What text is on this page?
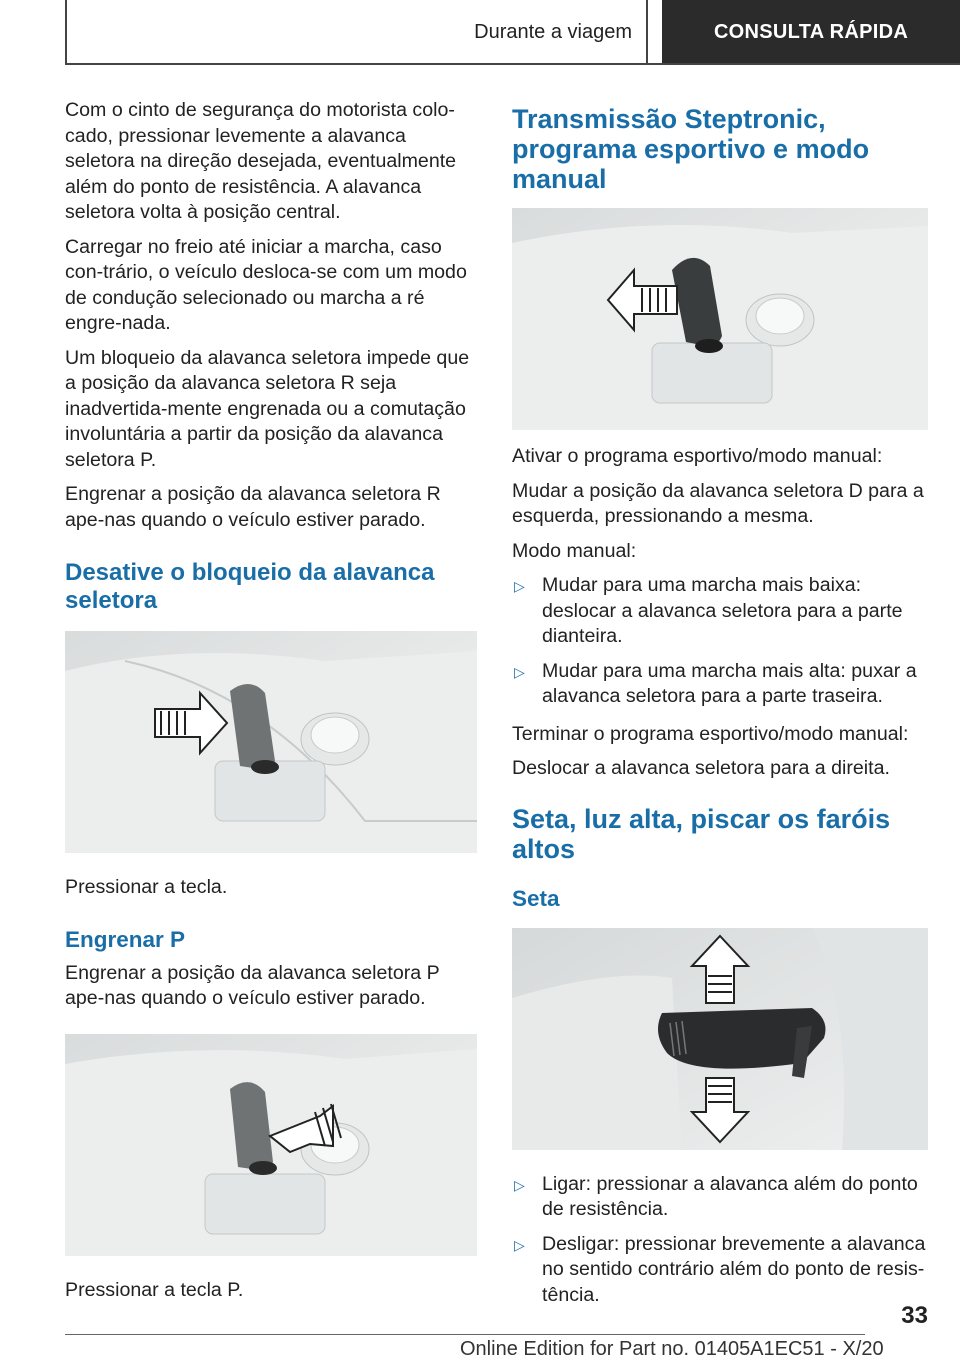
Durante a viagem	CONSULTA RÁPIDA

Com o cinto de segurança do motorista colo-cado, pressionar levemente a alavanca seletora na direção desejada, eventualmente além do ponto de resistência. A alavanca seletora volta à posição central.

Carregar no freio até iniciar a marcha, caso con-trário, o veículo desloca-se com um modo de condução selecionado ou marcha a ré engre-nada.

Um bloqueio da alavanca seletora impede que a posição da alavanca seletora R seja inadvertida-mente engrenada ou a comutação involuntária a partir da posição da alavanca seletora P.

Engrenar a posição da alavanca seletora R ape-nas quando o veículo estiver parado.

Desative o bloqueio da alavanca seletora

Pressionar a tecla.

Engrenar P

Engrenar a posição da alavanca seletora P ape-nas quando o veículo estiver parado.

Pressionar a tecla P.

Transmissão Steptronic, programa esportivo e modo manual

Ativar o programa esportivo/modo manual:

Mudar a posição da alavanca seletora D para a esquerda, pressionando a mesma.

Modo manual:

▷ Mudar para uma marcha mais baixa: deslocar a alavanca seletora para a parte dianteira.
▷ Mudar para uma marcha mais alta: puxar a alavanca seletora para a parte traseira.

Terminar o programa esportivo/modo manual:

Deslocar a alavanca seletora para a direita.

Seta, luz alta, piscar os faróis altos
Seta
▷ Ligar: pressionar a alavanca além do ponto de resistência.
▷ Desligar: pressionar brevemente a alavanca no sentido contrário além do ponto de resis-tência.
33
Online Edition for Part no. 01405A1EC51 - X/20
